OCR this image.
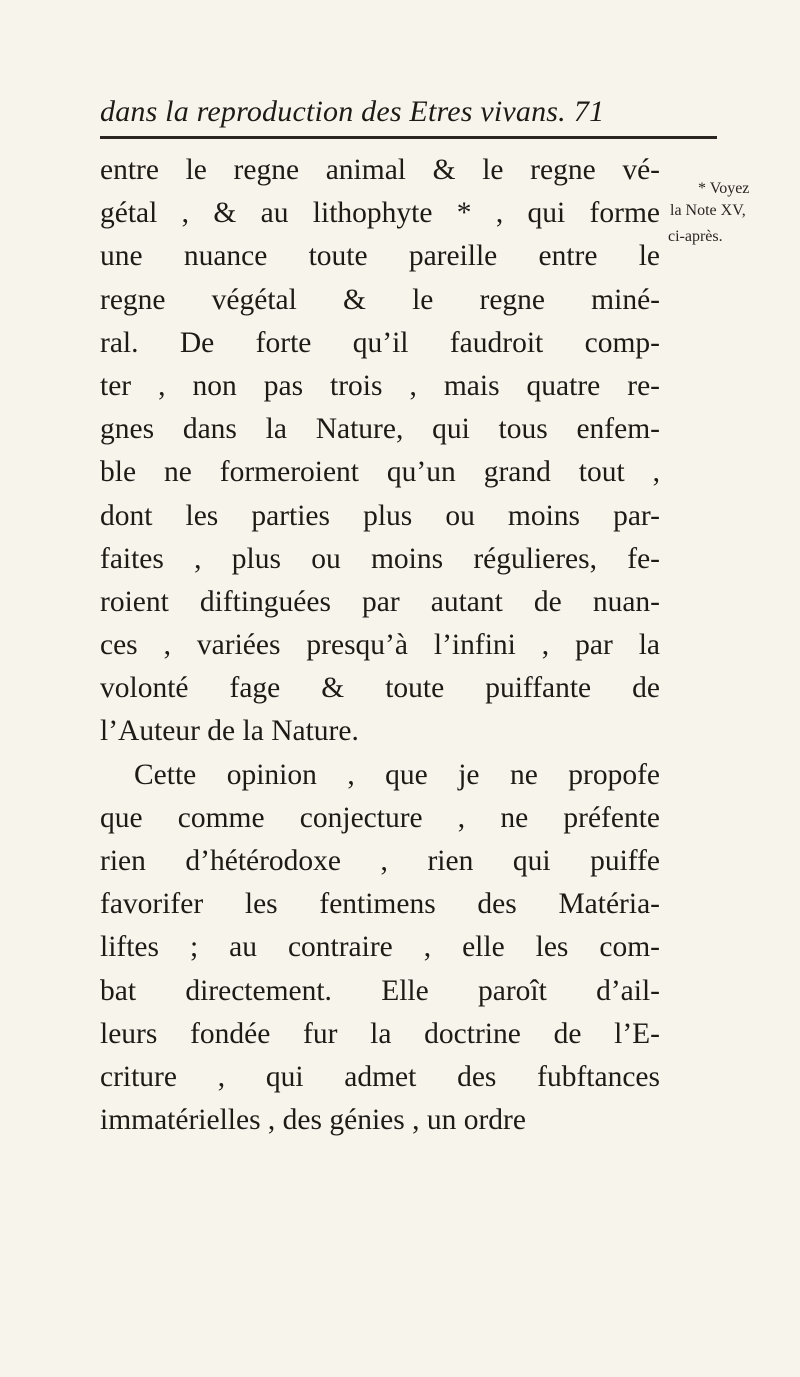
dans la reproduction des Etres vivans. 71
* Voyez
la Note XV,
ci-après.
entre le regne animal & le regne vé-
gétal , & au lithophyte * , qui forme
une nuance toute pareille entre le
regne végétal & le regne miné-
ral. De forte qu’il faudroit comp-
ter , non pas trois , mais quatre re-
gnes dans la Nature, qui tous enfem-
ble ne formeroient qu’un grand tout ,
dont les parties plus ou moins par-
faites , plus ou moins régulieres, fe-
roient diftinguées par autant de nuan-
ces , variées presqu’à l’infini , par la
volonté fage & toute puiffante de
l’Auteur de la Nature.
Cette opinion , que je ne propofe
que comme conjecture , ne préfente
rien d’hétérodoxe , rien qui puiffe
favorifer les fentimens des Matéria-
liftes ; au contraire , elle les com-
bat directement. Elle paroît d’ail-
leurs fondée fur la doctrine de l’E-
criture , qui admet des fubftances
immatérielles , des génies , un ordre
